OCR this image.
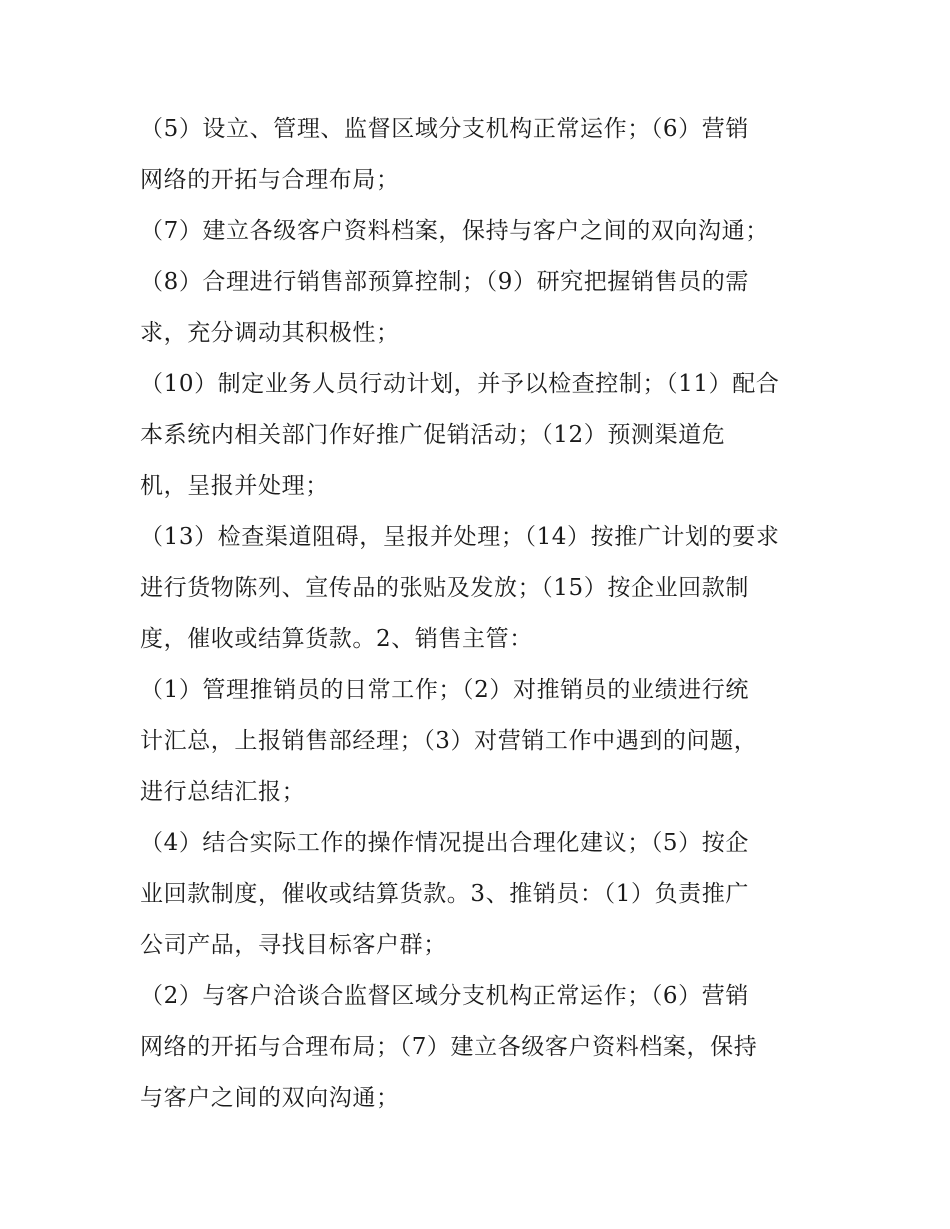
（5）设立、管理、监督区域分支机构正常运作；（6）营销
网络的开拓与合理布局；
（7）建立各级客户资料档案，保持与客户之间的双向沟通；
（8）合理进行销售部预算控制；（9）研究把握销售员的需
求，充分调动其积极性；
（10）制定业务人员行动计划，并予以检查控制；（11）配合
本系统内相关部门作好推广促销活动；（12）预测渠道危
机，呈报并处理；
（13）检查渠道阻碍，呈报并处理；（14）按推广计划的要求
进行货物陈列、宣传品的张贴及发放；（15）按企业回款制
度，催收或结算货款。2、销售主管：
（1）管理推销员的日常工作；（2）对推销员的业绩进行统
计汇总，上报销售部经理；（3）对营销工作中遇到的问题，
进行总结汇报；
（4）结合实际工作的操作情况提出合理化建议；（5）按企
业回款制度，催收或结算货款。3、推销员：（1）负责推广
公司产品，寻找目标客户群；
（2）与客户洽谈合监督区域分支机构正常运作；（6）营销
网络的开拓与合理布局；（7）建立各级客户资料档案，保持
与客户之间的双向沟通；
